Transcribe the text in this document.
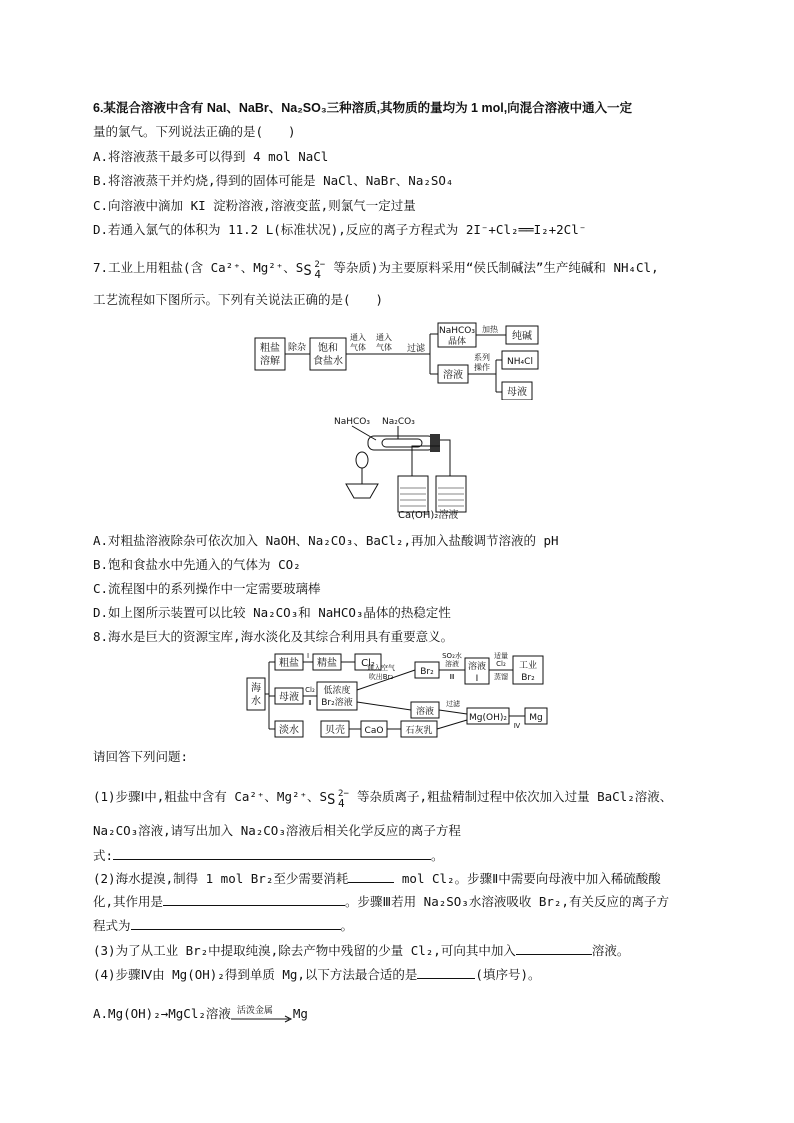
6.某混合溶液中含有 NaI、NaBr、Na₂SO₃三种溶质,其物质的量均为 1 mol,向混合溶液中通入一定
量的氯气。下列说法正确的是(　　)
A.将溶液蒸干最多可以得到 4 mol NaCl
B.将溶液蒸干并灼烧,得到的固体可能是 NaCl、NaBr、Na₂SO₄
C.向溶液中滴加 KI 淀粉溶液,溶液变蓝,则氯气一定过量
D.若通入氯气的体积为 11.2 L(标准状况),反应的离子方程式为 2I⁻+Cl₂══I₂+2Cl⁻
7.工业上用粗盐(含 Ca²⁺、Mg²⁺、S S 2−
4 等杂质)为主要原料采用“侯氏制碱法”生产纯碱和 NH₄Cl,
工艺流程如下图所示。下列有关说法正确的是(　　)
粗盐
溶解
除杂 饱和
食盐水
通入
气体
通入
气体 过滤
NaHCO₃
晶体
加热
纯碱
溶液
系列
操作
NH₄Cl
母液
NaHCO₃ Na₂CO₃
Ca(OH)₂溶液
A.对粗盐溶液除杂可依次加入 NaOH、Na₂CO₃、BaCl₂,再加入盐酸调节溶液的 pH
B.饱和食盐水中先通入的气体为 CO₂
C.流程图中的系列操作中一定需要玻璃棒
D.如上图所示装置可以比较 Na₂CO₃和 NaHCO₃晶体的热稳定性
8.海水是巨大的资源宝库,海水淡化及其综合利用具有重要意义。
海
水
粗盐
Ⅰ
精盐 Cl₂
母液
Cl₂
Ⅱ
低浓度
Br₂溶液
通入空气
吹出Br₂	Br₂
SO₂水
溶液
Ⅲ
溶液
Ⅰ
适量
Cl₂
蒸馏
工业
Br₂
溶液
过滤
Mg(OH)₂
Ⅳ
Mg
淡水	贝壳 CaO 石灰乳
请回答下列问题:
(1)步骤Ⅰ中,粗盐中含有 Ca²⁺、Mg²⁺、S S 2−
4 等杂质离子,粗盐精制过程中依次加入过量 BaCl₂溶液、
Na₂CO₃溶液,请写出加入 Na₂CO₃溶液后相关化学反应的离子方程
式:	。
(2)海水提溴,制得 1 mol Br₂至少需要消耗	mol Cl₂。步骤Ⅱ中需要向母液中加入稀硫酸酸
化,其作用是	。步骤Ⅲ若用 Na₂SO₃水溶液吸收 Br₂,有关反应的离子方
程式为	。
(3)为了从工业 Br₂中提取纯溴,除去产物中残留的少量 Cl₂,可向其中加入	溶液。
(4)步骤Ⅳ由 Mg(OH)₂得到单质 Mg,以下方法最合适的是	(填序号)。
A.Mg(OH)₂→MgCl₂溶液 活泼金属 Mg
